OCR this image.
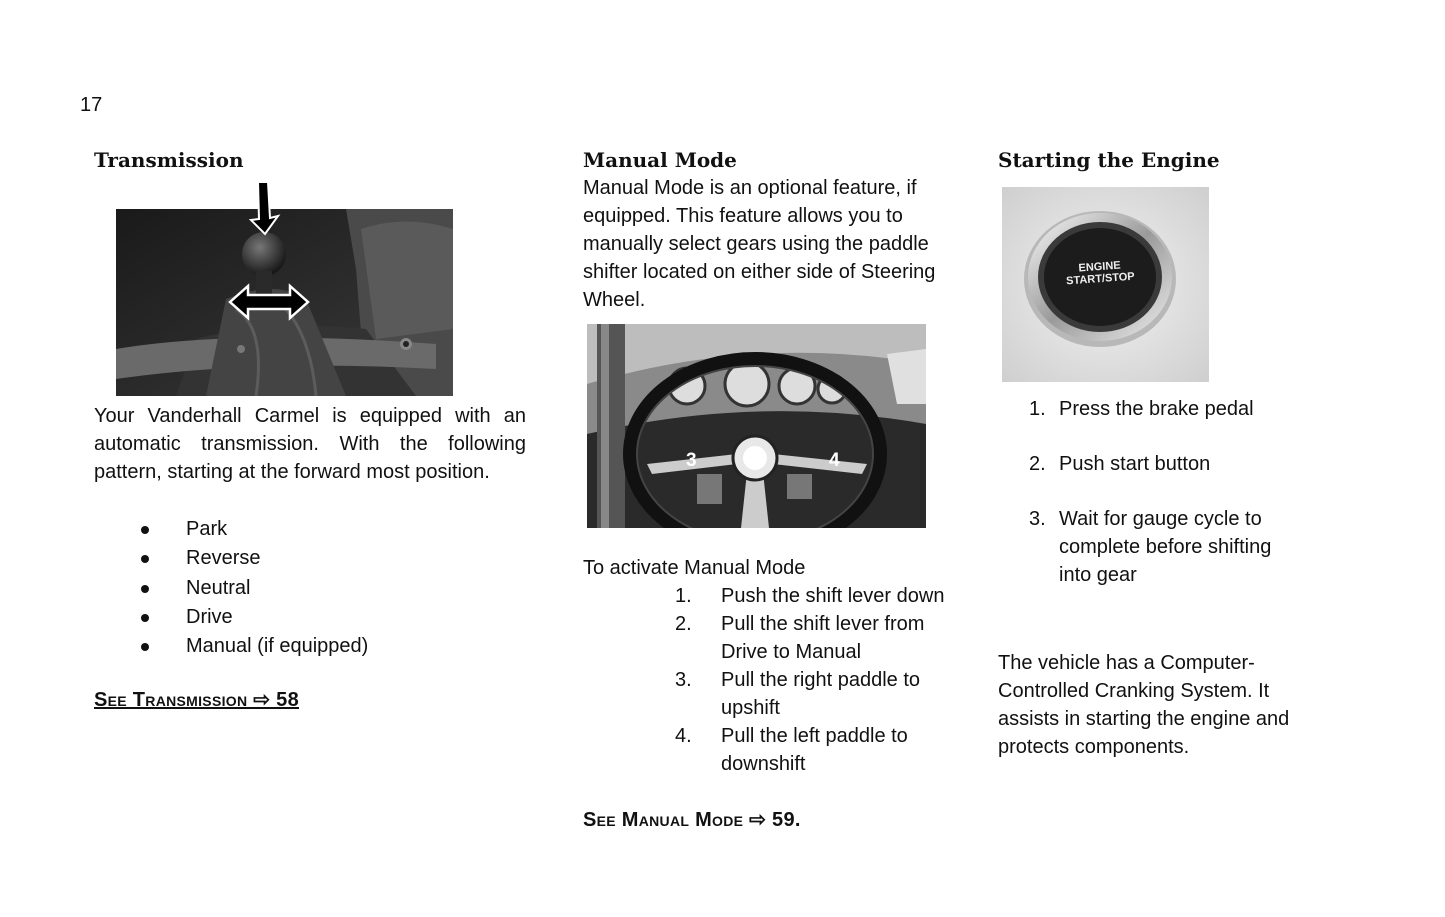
17
Transmission

Your Vanderhall Carmel is equipped with an automatic transmission. With the following pattern, starting at the forward most position.

Park
Reverse
Neutral
Drive
Manual (if equipped)
See Transmission ⇨ 58
Manual Mode

Manual Mode is an optional feature, if equipped. This feature allows you to manually select gears using the paddle shifter located on either side of Steering Wheel.

3	4

To activate Manual Mode

1. Push the shift lever down
2. Pull the shift lever from Drive to Manual
3. Pull the right paddle to upshift
4. Pull the left paddle to downshift
See Manual Mode ⇨ 59.
Starting the Engine
ENGINE START/STOP
1. Press the brake pedal
2. Push start button
3. Wait for gauge cycle to complete before shifting into gear

The vehicle has a Computer-Controlled Cranking System. It assists in starting the engine and protects components.
